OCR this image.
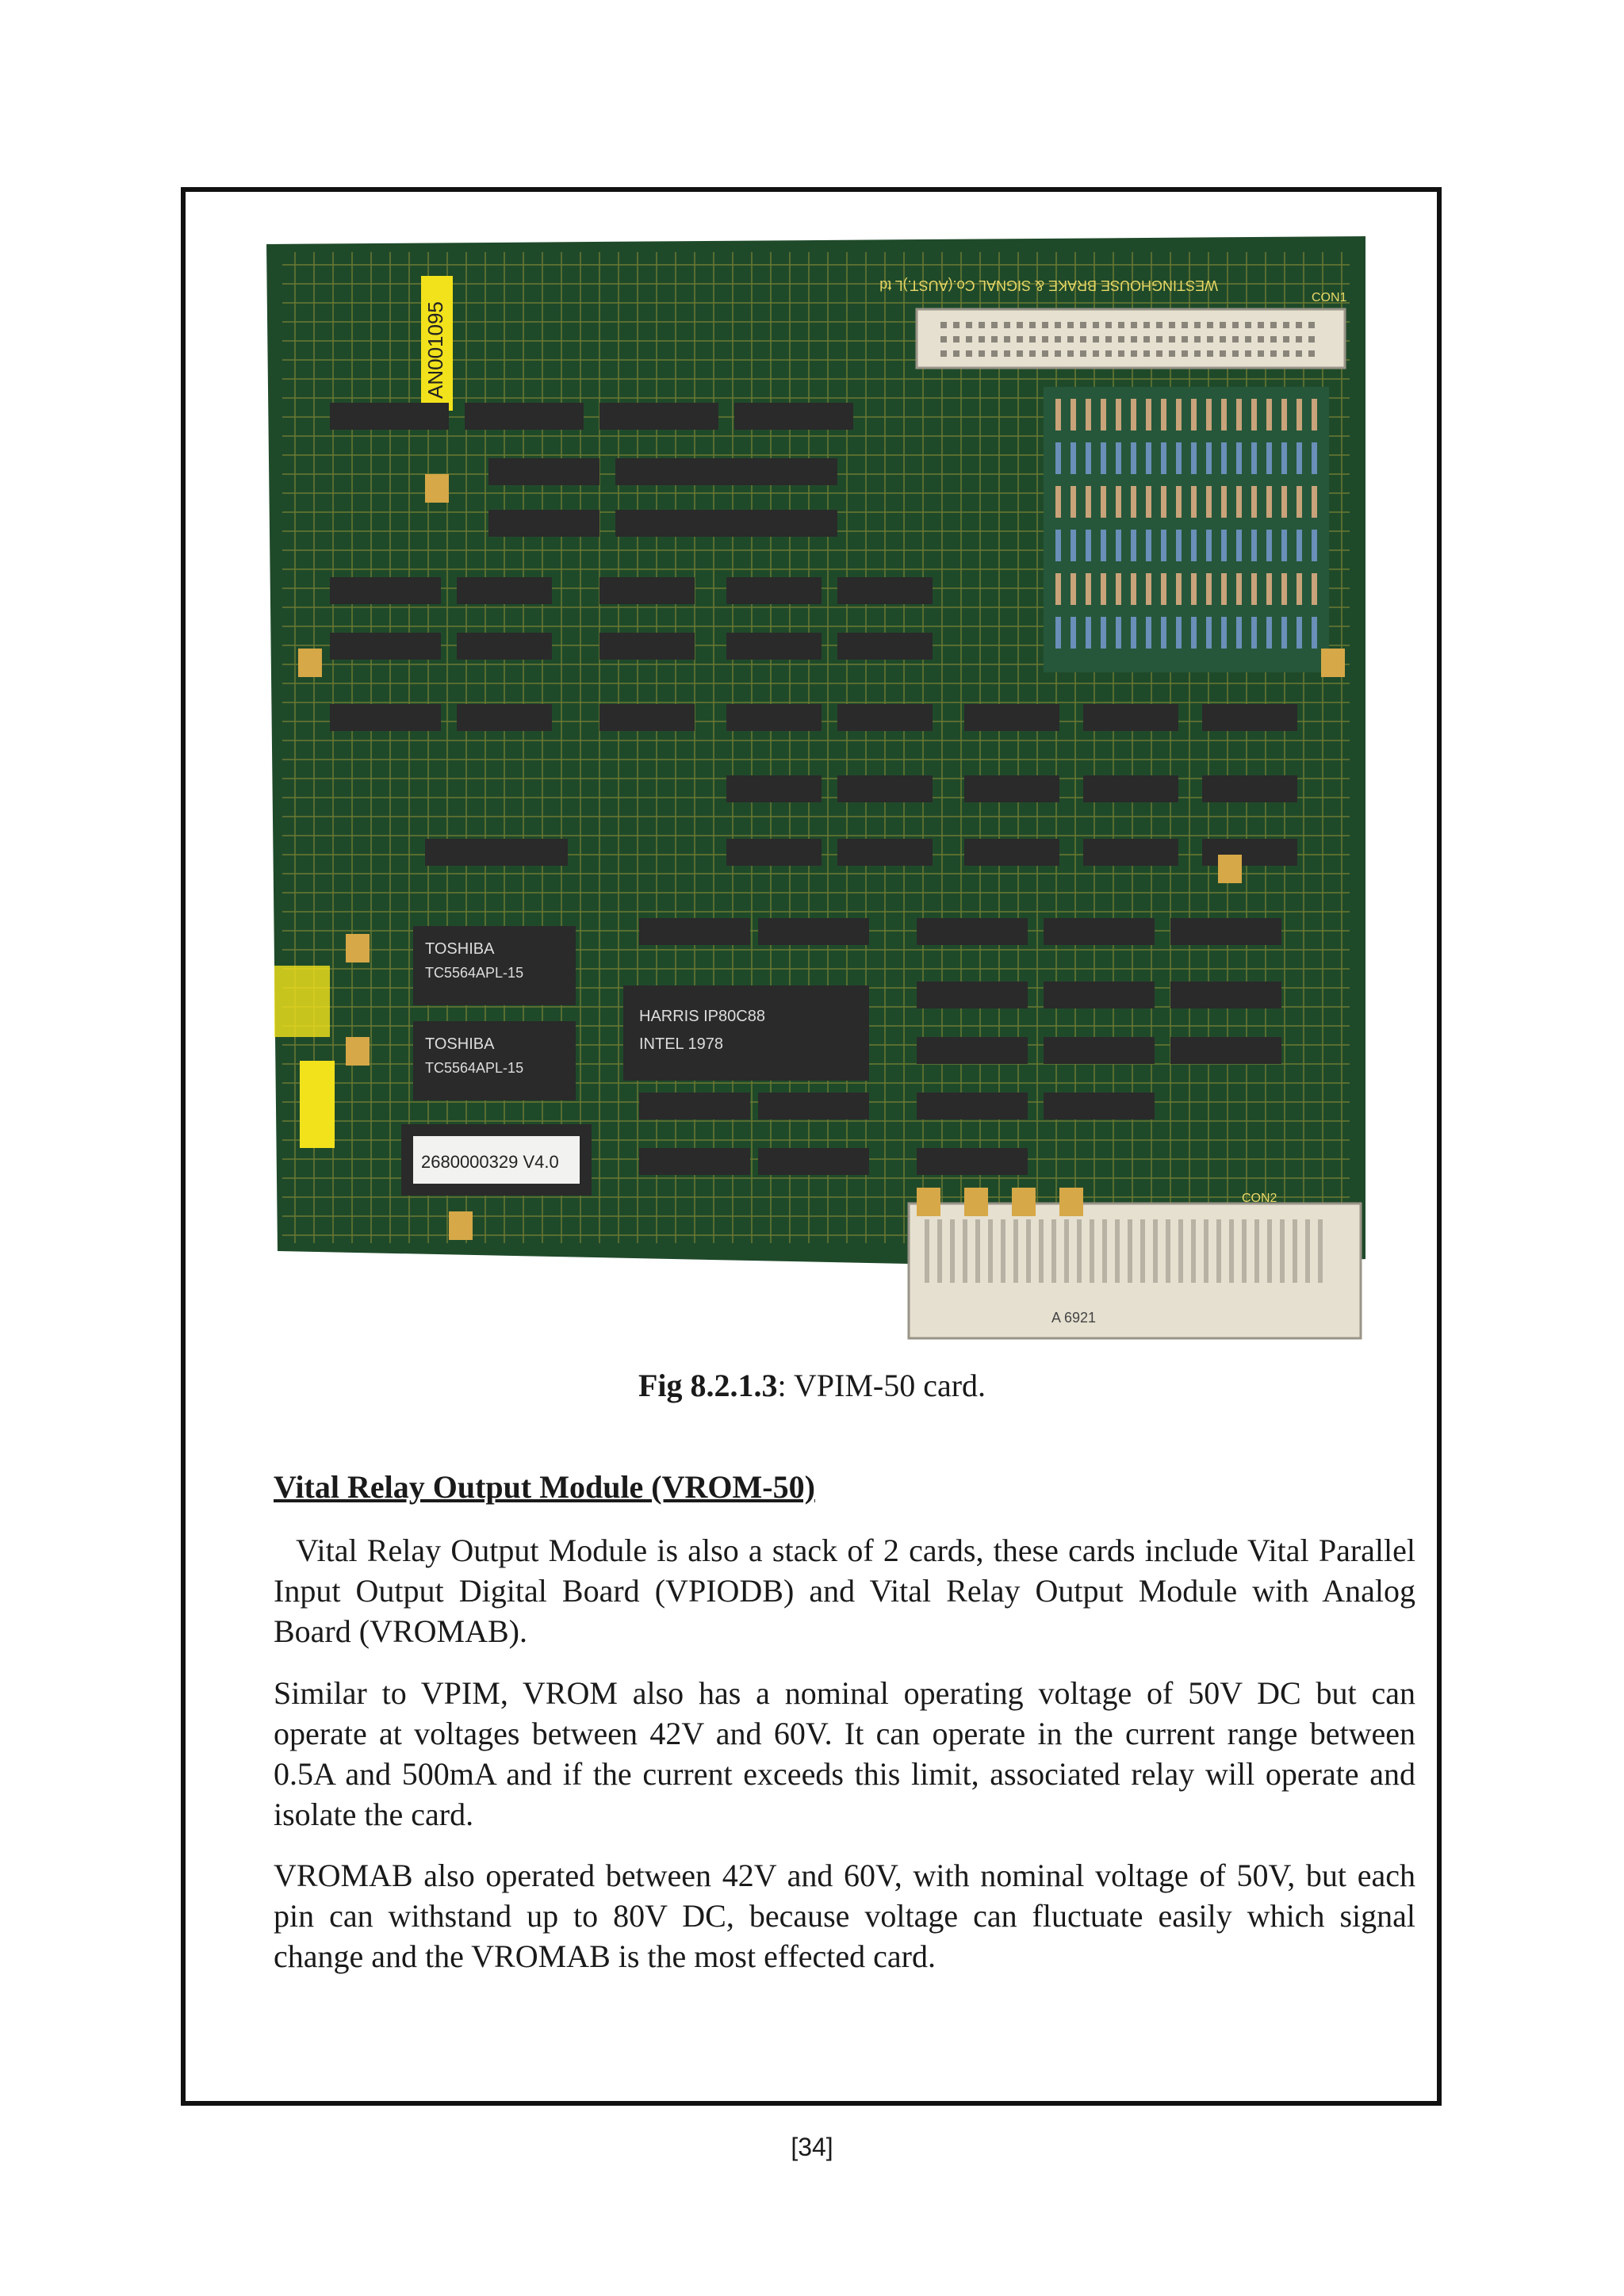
AN001095
TOSHIBA
TC5564APL-15
TOSHIBA
TC5564APL-15
HARRIS IP80C88
INTEL 1978
2680000329 V4.0
WESTINGHOUSE BRAKE & SIGNAL Co.(AUST.)L td
CON1
CON2
A 6921
Fig 8.2.1.3: VPIM-50 card.
Vital Relay Output Module (VROM-50)

Vital Relay Output Module is also a stack of 2 cards, these cards include Vital Parallel Input Output Digital Board (VPIODB) and Vital Relay Output Module with Analog Board (VROMAB).

Similar to VPIM, VROM also has a nominal operating voltage of 50V DC but can operate at voltages between 42V and 60V. It can operate in the current range between 0.5A and 500mA and if the current exceeds this limit, associated relay will operate and isolate the card.

VROMAB also operated between 42V and 60V, with nominal voltage of 50V, but each pin can withstand up to 80V DC, because voltage can fluctuate easily which signal change and the VROMAB is the most effected card.

[34]
